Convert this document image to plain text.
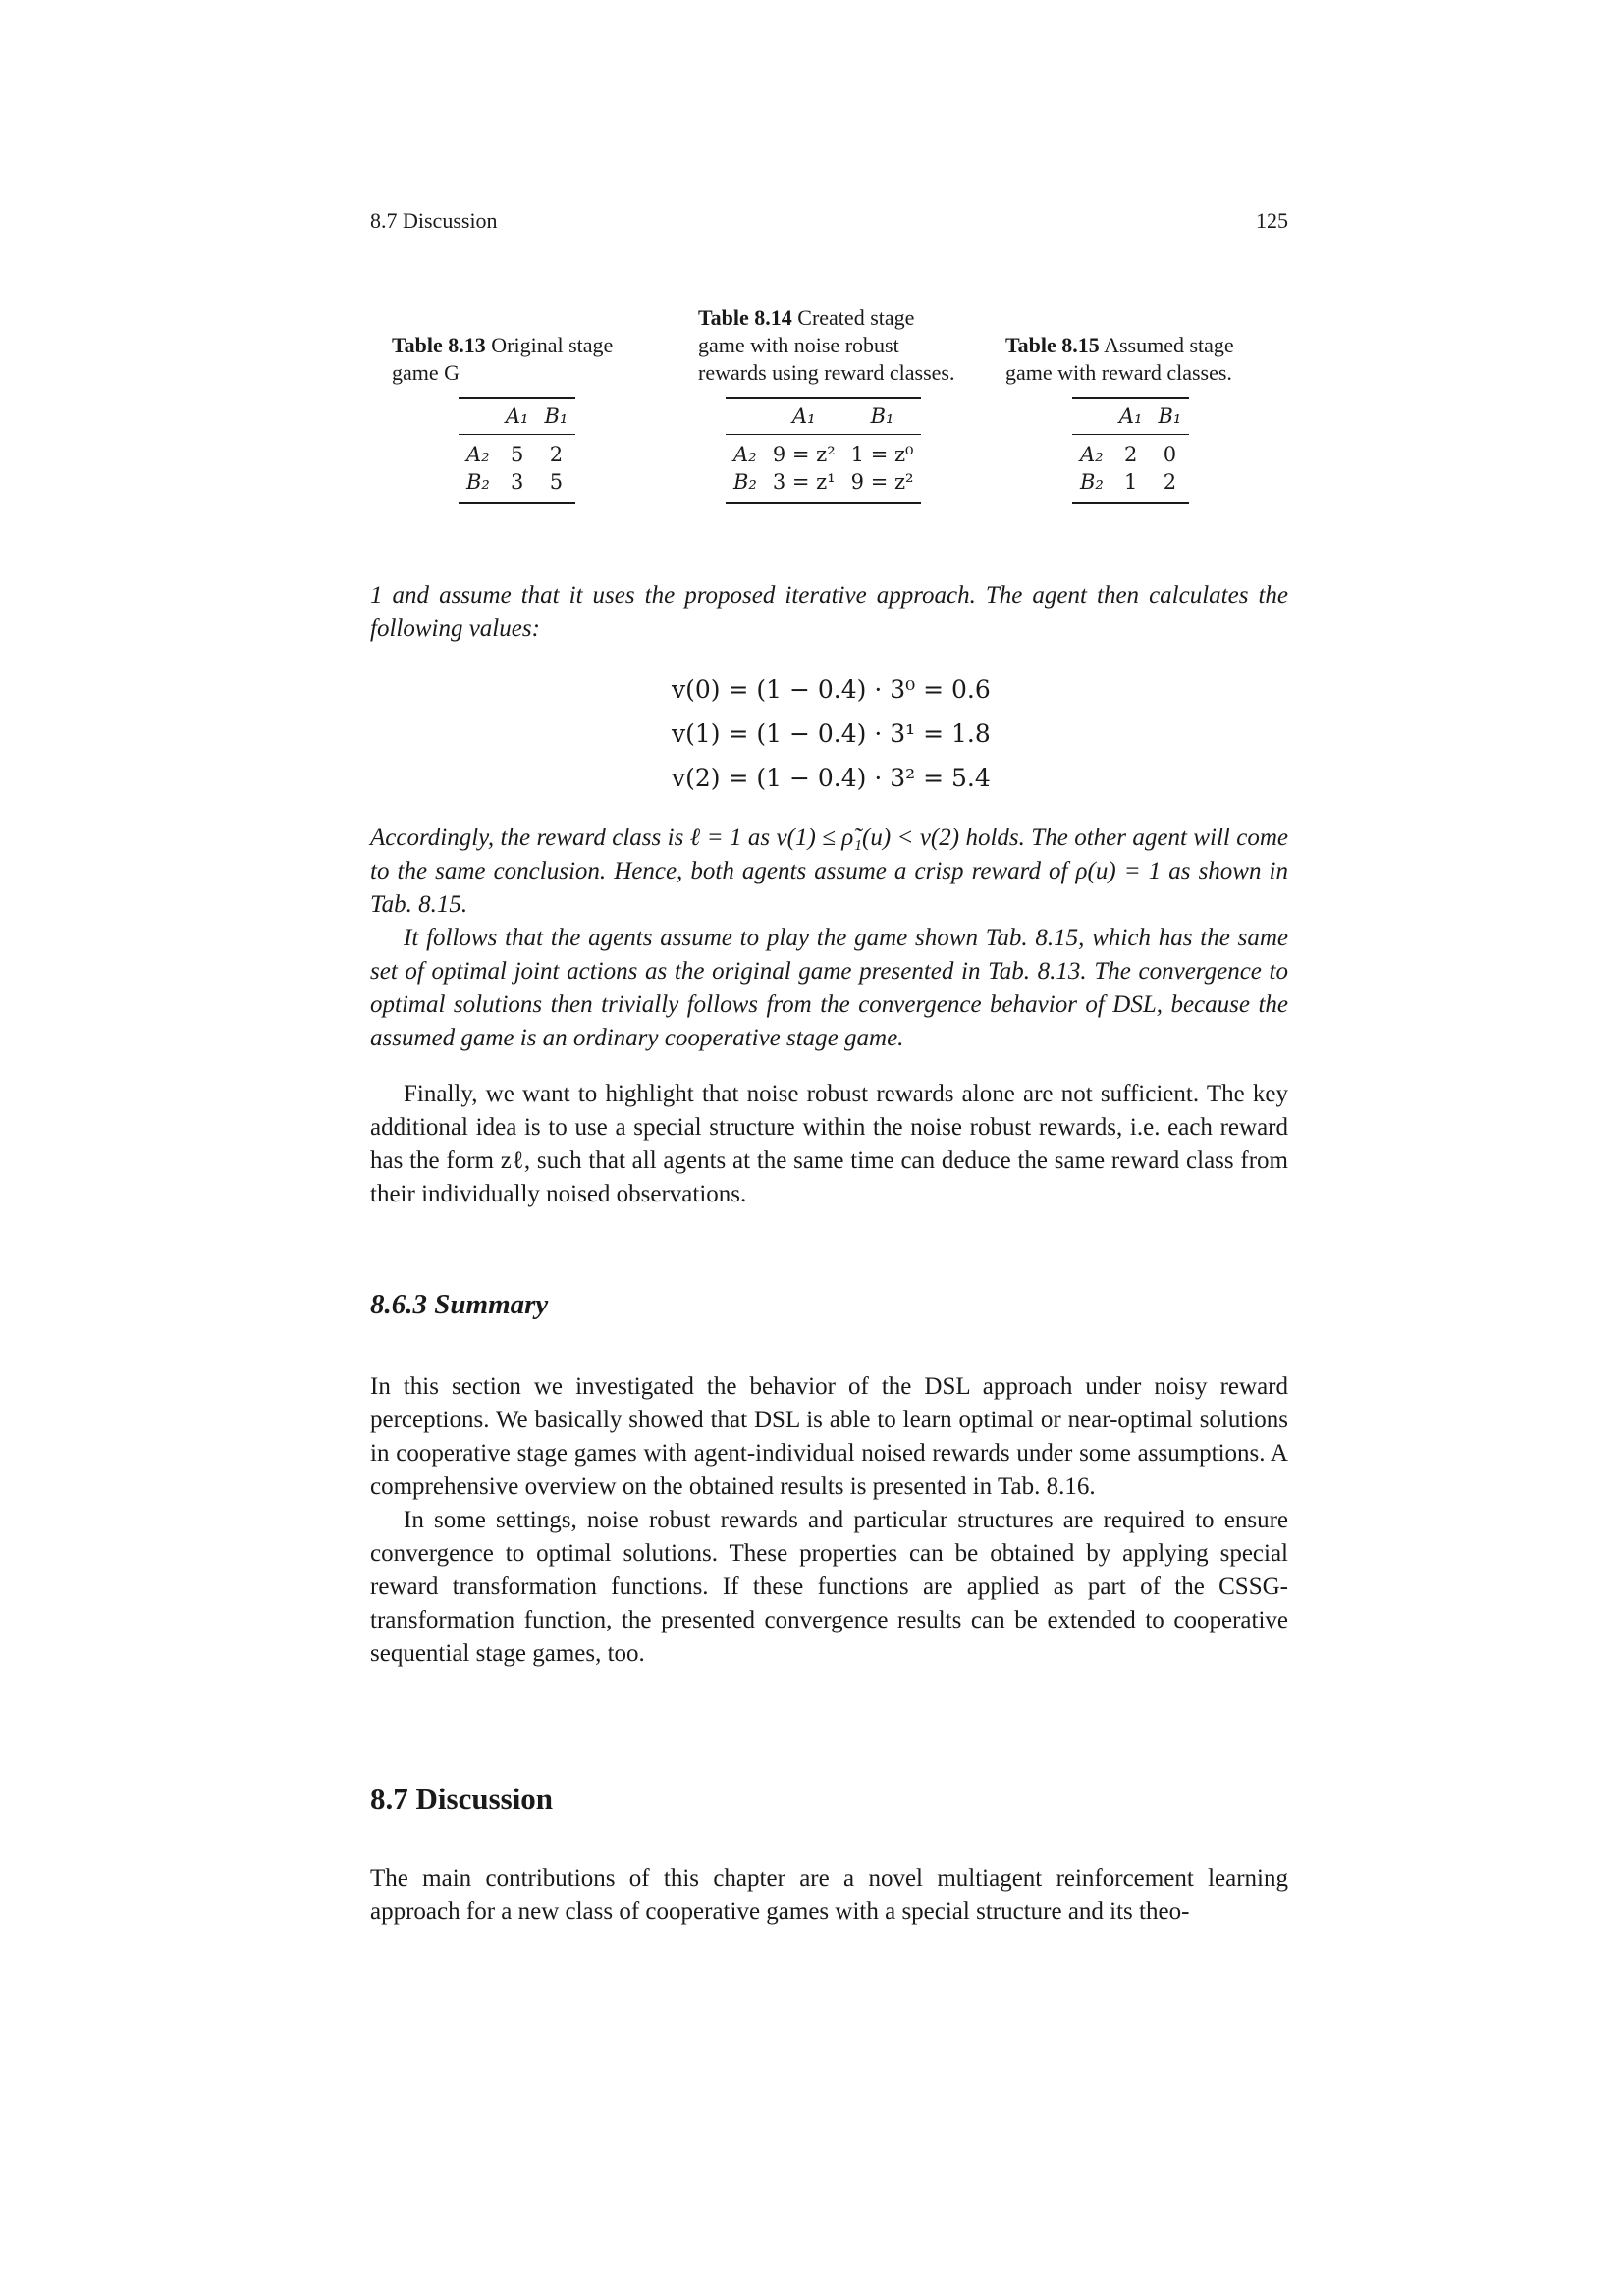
8.7 Discussion	125
Table 8.13 Original stage game G
	A₁	B₁
A₂	5	2
B₂	3	5
Table 8.14 Created stage game with noise robust rewards using reward classes.
	A₁	B₁
A₂	9 = z²	1 = z⁰
B₂	3 = z¹	9 = z²
Table 8.15 Assumed stage game with reward classes.
	A₁	B₁
A₂	2	0
B₂	1	2

1 and assume that it uses the proposed iterative approach. The agent then calculates the following values:

v(0) = (1 − 0.4) · 3⁰ = 0.6
v(1) = (1 − 0.4) · 3¹ = 1.8
v(2) = (1 − 0.4) · 3² = 5.4

Accordingly, the reward class is ℓ = 1 as v(1) ≤ ρ̃₁(u) < v(2) holds. The other agent will come to the same conclusion. Hence, both agents assume a crisp reward of ρ(u) = 1 as shown in Tab. 8.15.

It follows that the agents assume to play the game shown Tab. 8.15, which has the same set of optimal joint actions as the original game presented in Tab. 8.13. The convergence to optimal solutions then trivially follows from the convergence behavior of DSL, because the assumed game is an ordinary cooperative stage game.

Finally, we want to highlight that noise robust rewards alone are not sufficient. The key additional idea is to use a special structure within the noise robust rewards, i.e. each reward has the form zℓ, such that all agents at the same time can deduce the same reward class from their individually noised observations.

8.6.3 Summary

In this section we investigated the behavior of the DSL approach under noisy reward perceptions. We basically showed that DSL is able to learn optimal or near-optimal solutions in cooperative stage games with agent-individual noised rewards under some assumptions. A comprehensive overview on the obtained results is presented in Tab. 8.16.

In some settings, noise robust rewards and particular structures are required to ensure convergence to optimal solutions. These properties can be obtained by applying special reward transformation functions. If these functions are applied as part of the CSSG-transformation function, the presented convergence results can be extended to cooperative sequential stage games, too.

8.7 Discussion

The main contributions of this chapter are a novel multiagent reinforcement learning approach for a new class of cooperative games with a special structure and its theo-
